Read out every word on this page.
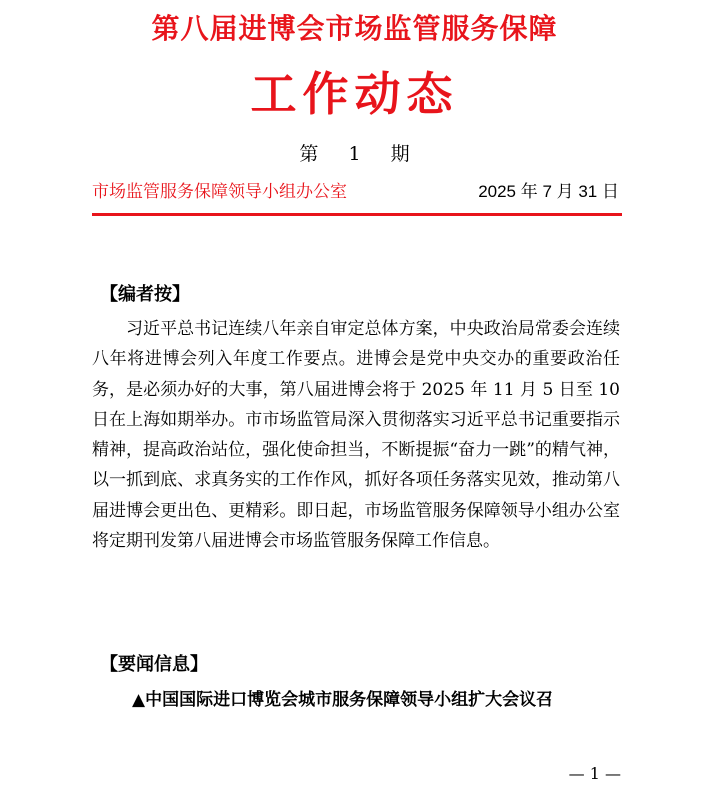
第八届进博会市场监管服务保障
工作动态
第 1 期
市场监管服务保障领导小组办公室	2025 年 7 月 31 日
【编者按】
习近平总书记连续八年亲自审定总体方案，中央政治局常委会连续八年将进博会列入年度工作要点。进博会是党中央交办的重要政治任务，是必须办好的大事，第八届进博会将于 2025 年 11 月 5 日至 10 日在上海如期举办。市市场监管局深入贯彻落实习近平总书记重要指示精神，提高政治站位，强化使命担当，不断提振“奋力一跳”的精气神，以一抓到底、求真务实的工作作风，抓好各项任务落实见效，推动第八届进博会更出色、更精彩。即日起，市场监管服务保障领导小组办公室将定期刊发第八届进博会市场监管服务保障工作信息。
【要闻信息】
▲中国国际进口博览会城市服务保障领导小组扩大会议召
— 1 —
